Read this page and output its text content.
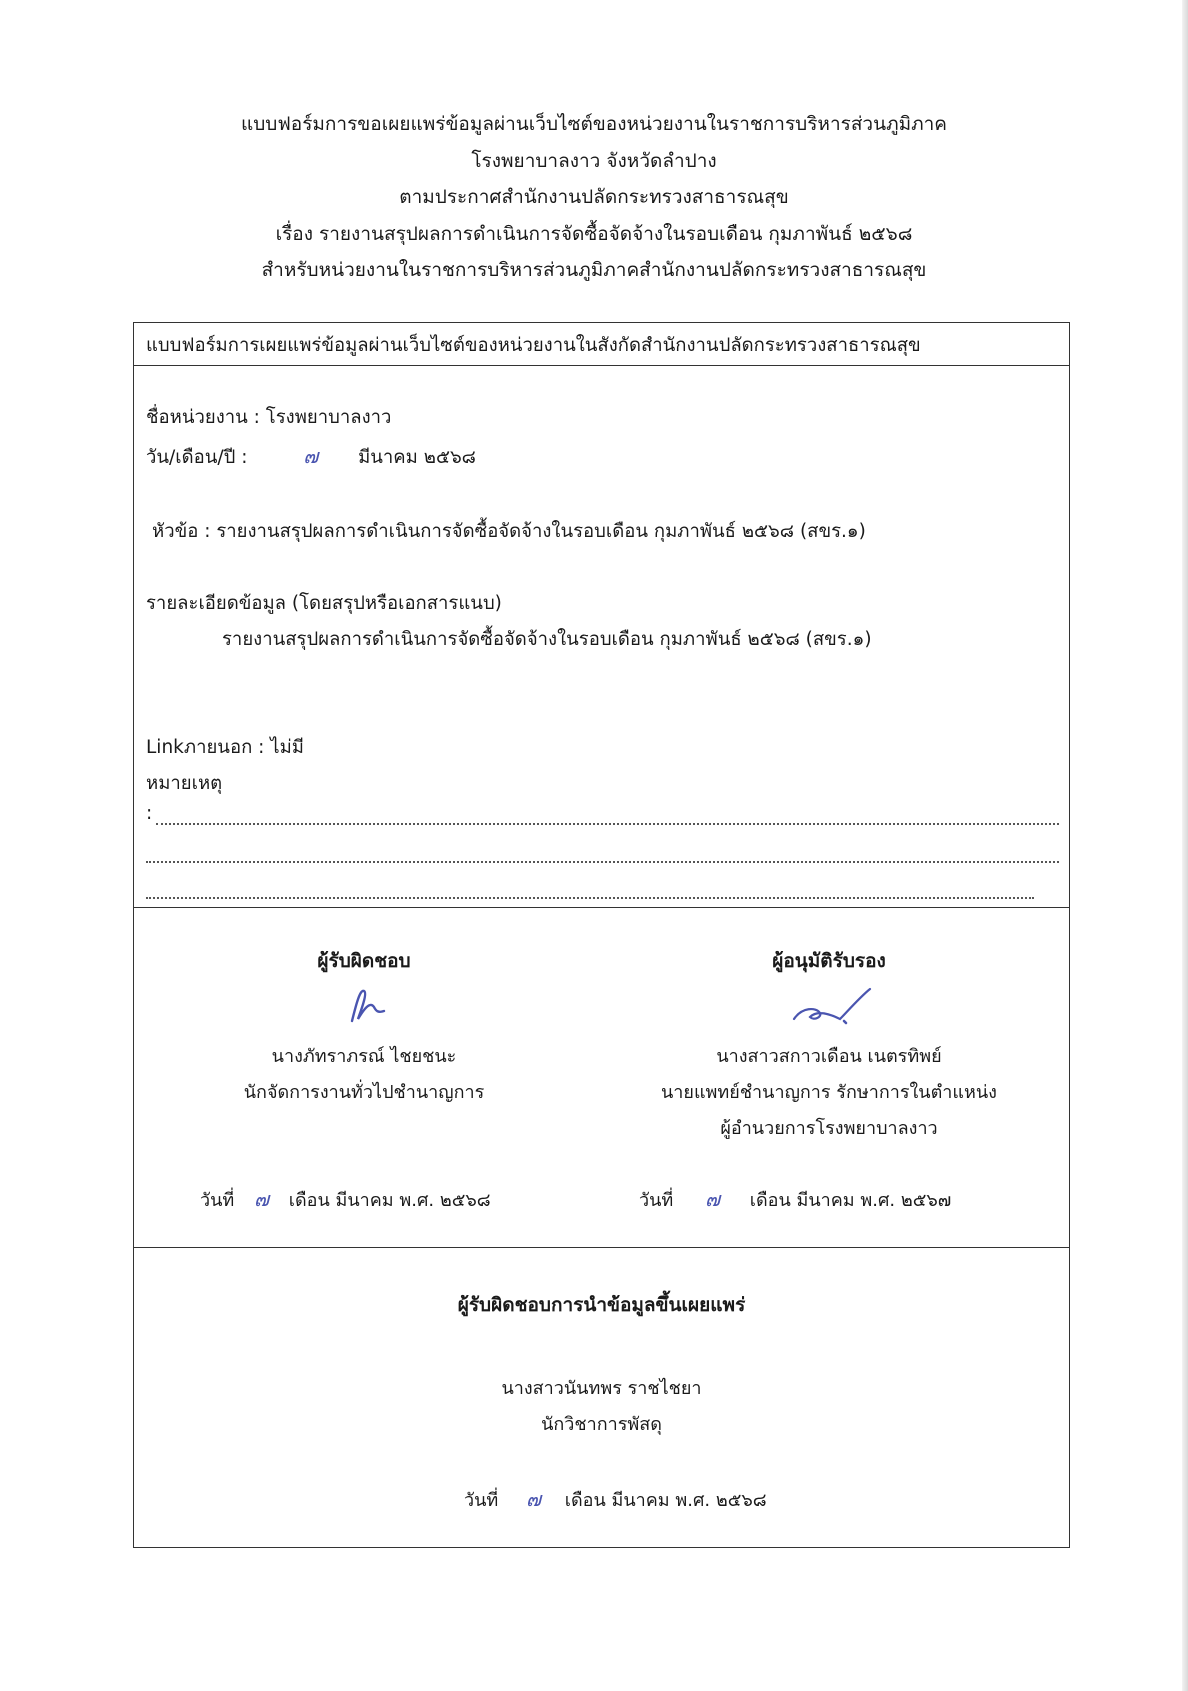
แบบฟอร์มการขอเผยแพร่ข้อมูลผ่านเว็บไซต์ของหน่วยงานในราชการบริหารส่วนภูมิภาค
โรงพยาบาลงาว จังหวัดลำปาง
ตามประกาศสำนักงานปลัดกระทรวงสาธารณสุข
เรื่อง รายงานสรุปผลการดำเนินการจัดซื้อจัดจ้างในรอบเดือน กุมภาพันธ์ ๒๕๖๘
สำหรับหน่วยงานในราชการบริหารส่วนภูมิภาคสำนักงานปลัดกระทรวงสาธารณสุข
แบบฟอร์มการเผยแพร่ข้อมูลผ่านเว็บไซต์ของหน่วยงานในสังกัดสำนักงานปลัดกระทรวงสาธารณสุข
ชื่อหน่วยงาน : โรงพยาบาลงาว
วัน/เดือน/ปี :	๗ มีนาคม ๒๕๖๘
หัวข้อ : รายงานสรุปผลการดำเนินการจัดซื้อจัดจ้างในรอบเดือน กุมภาพันธ์ ๒๕๖๘ (สขร.๑)
รายละเอียดข้อมูล (โดยสรุปหรือเอกสารแนบ)
รายงานสรุปผลการดำเนินการจัดซื้อจัดจ้างในรอบเดือน กุมภาพันธ์ ๒๕๖๘ (สขร.๑)
Linkภายนอก : ไม่มี
หมายเหตุ
:
ผู้รับผิดชอบ
นางภัทราภรณ์ ไชยชนะ
นักจัดการงานทั่วไปชำนาญการ
ผู้อนุมัติรับรอง
นางสาวสกาวเดือน เนตรทิพย์
นายแพทย์ชำนาญการ รักษาการในตำแหน่ง
ผู้อำนวยการโรงพยาบาลงาว
วันที่ ๗ เดือน มีนาคม พ.ศ. ๒๕๖๘	วันที่ ๗ เดือน มีนาคม พ.ศ. ๒๕๖๗
ผู้รับผิดชอบการนำข้อมูลขึ้นเผยแพร่
นางสาวนันทพร ราชไชยา
นักวิชาการพัสดุ
วันที่ ๗ เดือน มีนาคม พ.ศ. ๒๕๖๘
